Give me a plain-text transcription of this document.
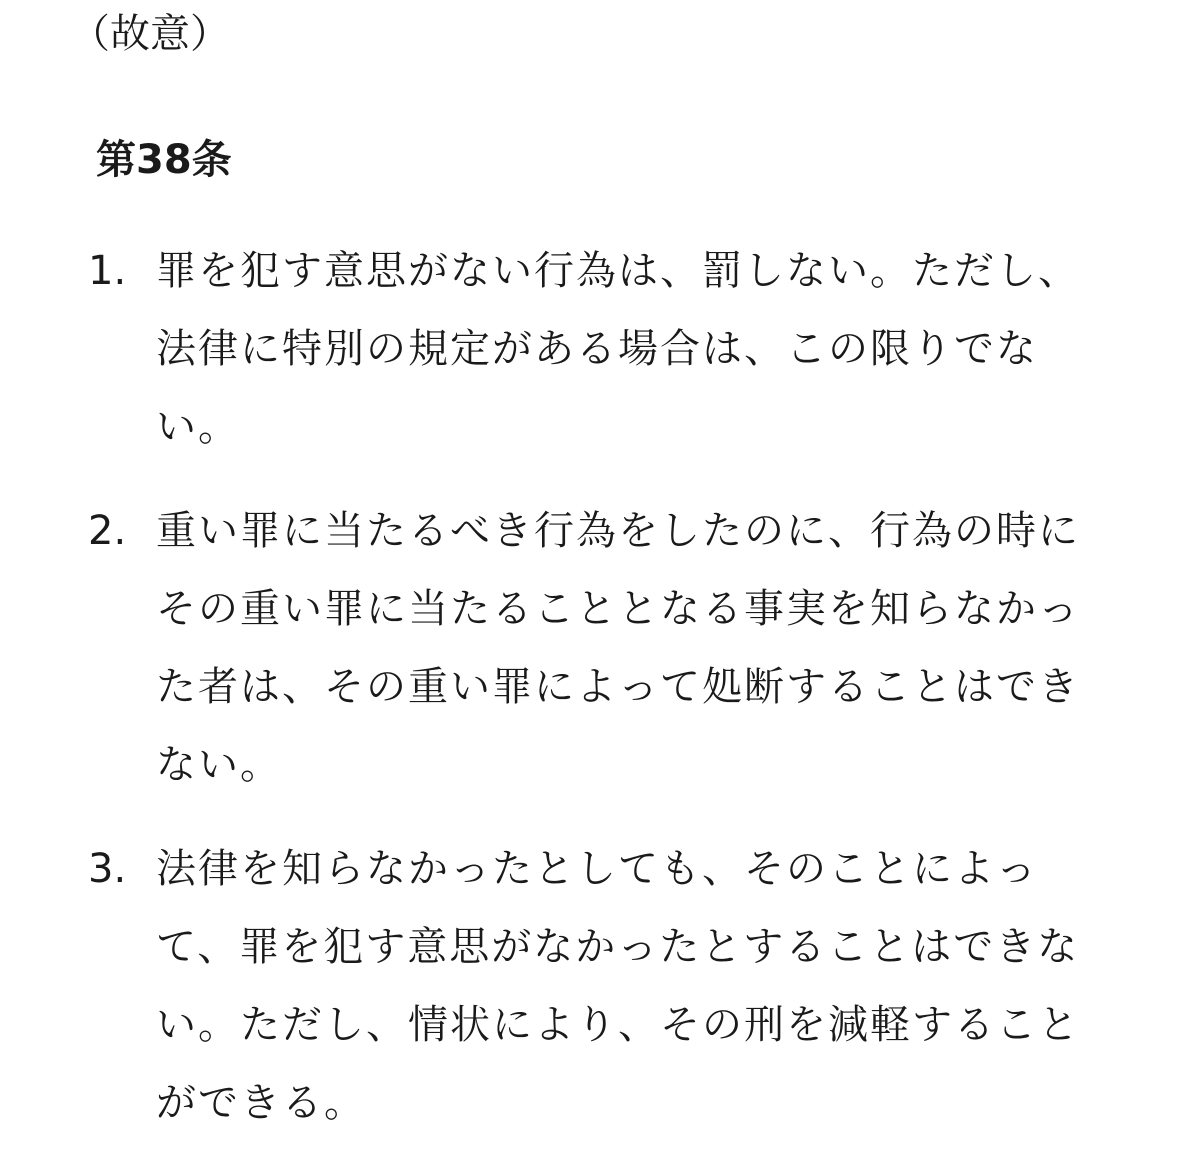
（故意）
第38条
1. 罪を犯す意思がない行為は、罰しない。ただし、法律に特別の規定がある場合は、この限りでない。
2. 重い罪に当たるべき行為をしたのに、行為の時にその重い罪に当たることとなる事実を知らなかった者は、その重い罪によって処断することはできない。
3. 法律を知らなかったとしても、そのことによって、罪を犯す意思がなかったとすることはできない。ただし、情状により、その刑を減軽することができる。
